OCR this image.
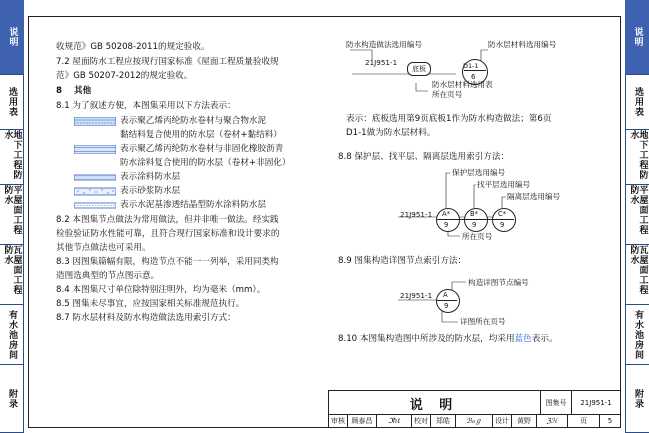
说明
选用表
地下工程防水
平屋面工程防水
瓦屋面工程防水
有水池房间
附录
说明
选用表
地下工程防水
平屋面工程防水
瓦屋面工程防水
有水池房间
附录
收规范》GB 50208-2011的规定验收。
7.2 屋面防水工程应按现行国家标准《屋面工程质量验收规
范》GB 50207-2012的规定验收。
8 其他
8.1 为了叙述方便，本图集采用以下方法表示：
表示聚乙烯丙纶防水卷材与聚合物水泥
黏结料复合使用的防水层（卷材+黏结料）
表示聚乙烯丙纶防水卷材与非固化橡胶沥青
防水涂料复合使用的防水层（卷材+非固化）
表示涂料防水层
表示砂浆防水层
表示水泥基渗透结晶型防水涂料防水层
8.2 本图集节点做法为常用做法，但并非唯一做法。经实践
检验验证防水性能可靠，且符合现行国家标准和设计要求的
其他节点做法也可采用。
8.3 因图集篇幅有限，构造节点不能一一列举，采用同类构
造图选典型的节点图示意。
8.4 本图集尺寸单位除特别注明外，均为毫米（mm）。
8.5 图集未尽事宜，应按国家相关标准规范执行。
8.7 防水层材料及防水构造做法选用索引方式：
防水构造做法选用编号	防水层材料选用编号
21J951-1
底板	D1-1
6
防水层材料选用表
所在页号
表示：底板选用第9页底板1作为防水构造做法；第6页
D1-1做为防水层材料。
8.8 保护层、找平层、隔离层选用索引方法：
保护层选用编号
找平层选用编号
隔离层选用编号
21J951-1 A*	B*	C*
9	9	9
所在页号
8.9 图集构造详图节点索引方法：
21J951-1 A
9
构造详图节点编号
详图所在页号
8.10 本图集构造图中所涉及的防水层，均采用蓝色表示。
说 明	图集号	21J951-1
审核 顾泰昌	ℑℏℓ	校对	郑皓	ℬℴℊ	设计	黄野	ℨℋ	页	5
